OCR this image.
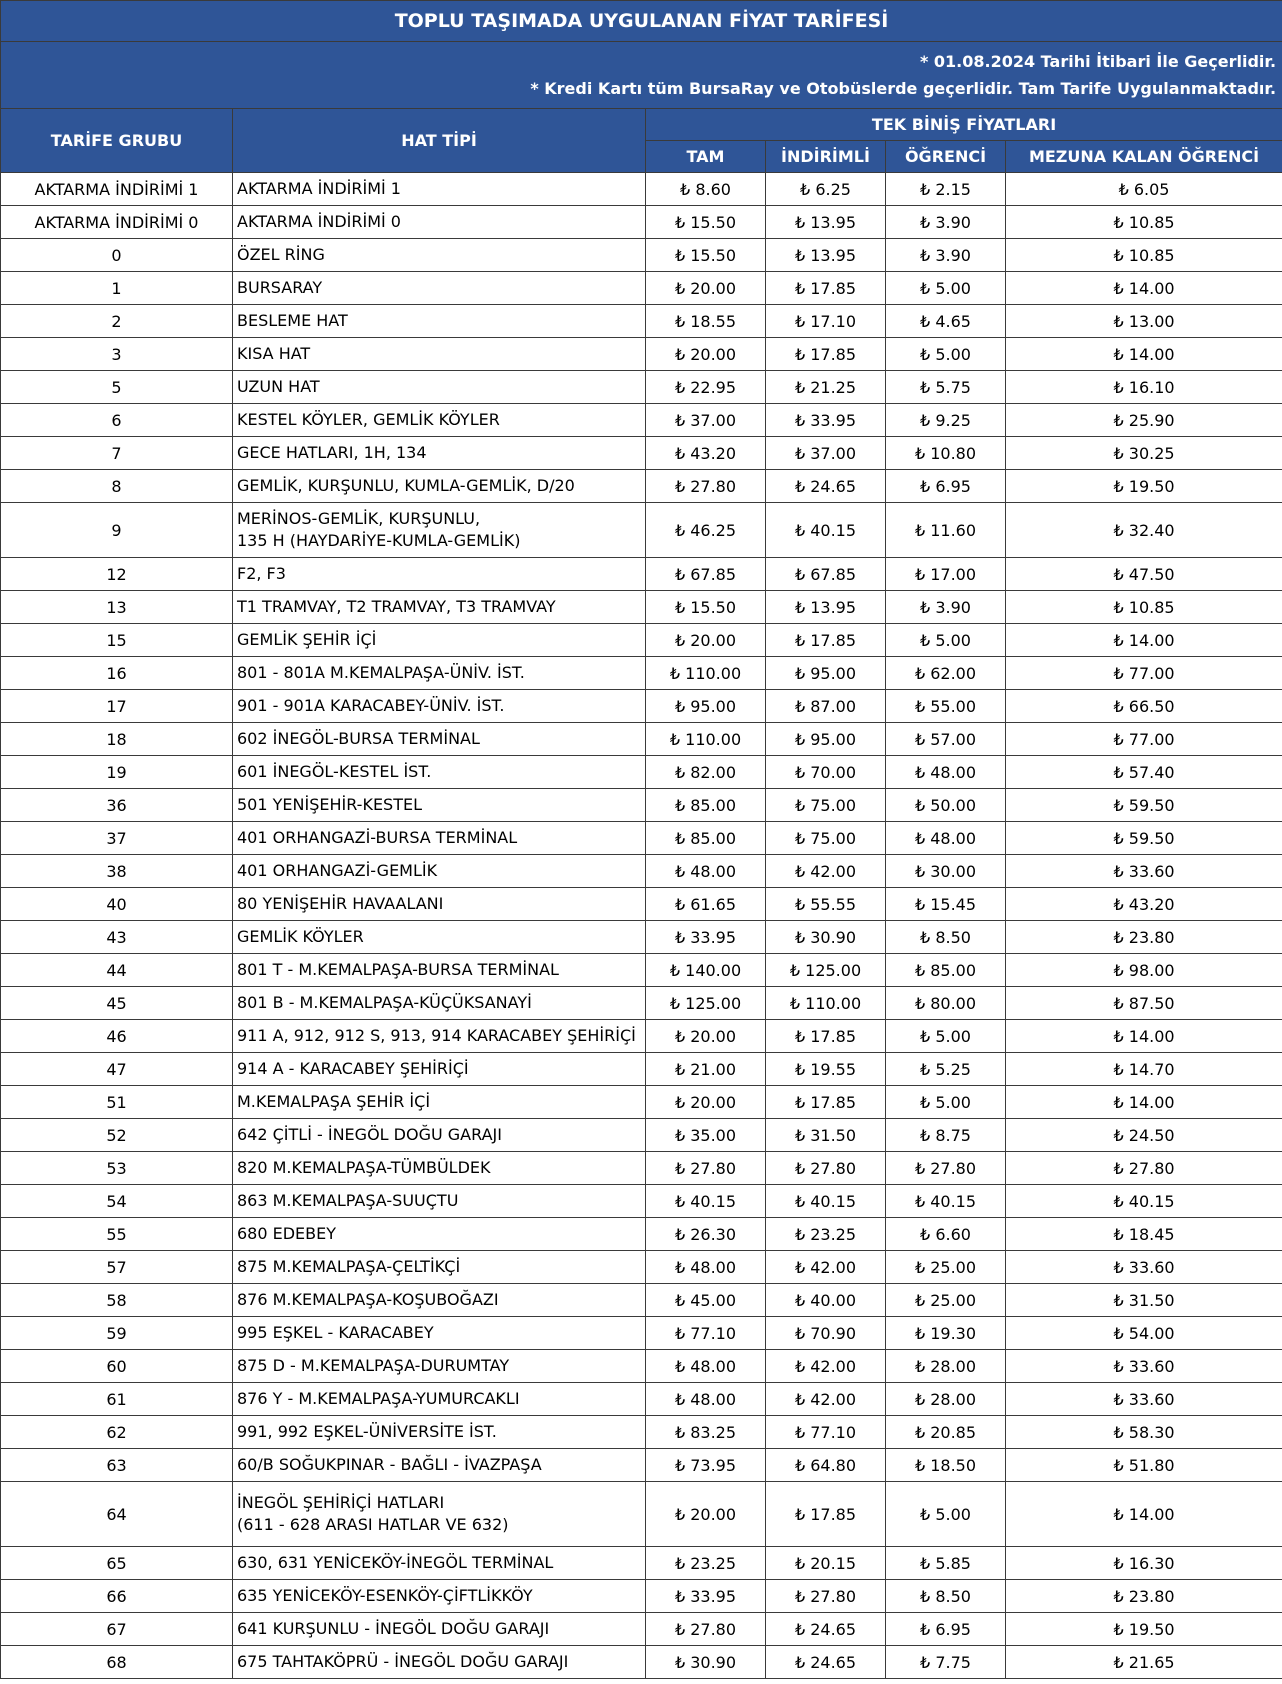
TOPLU TAŞIMADA UYGULANAN FİYAT TARİFESİ					

* 01.08.2024 Tarihi İtibari İle Geçerlidir.
* Kredi Kartı tüm BursaRay ve Otobüslerde geçerlidir. Tam Tarife Uygulanmaktadır.					

TARİFE GRUBU	HAT TİPİ	TEK BİNİŞ FİYATLARI			
		TAM	İNDİRİMLİ	ÖĞRENCİ	MEZUNA KALAN ÖĞRENCİ
AKTARMA İNDİRİMİ 1	AKTARMA İNDİRİMİ 1	₺ 8.60	₺ 6.25	₺ 2.15	₺ 6.05
AKTARMA İNDİRİMİ 0	AKTARMA İNDİRİMİ 0	₺ 15.50	₺ 13.95	₺ 3.90	₺ 10.85
0	ÖZEL RİNG	₺ 15.50	₺ 13.95	₺ 3.90	₺ 10.85
1	BURSARAY	₺ 20.00	₺ 17.85	₺ 5.00	₺ 14.00
2	BESLEME HAT	₺ 18.55	₺ 17.10	₺ 4.65	₺ 13.00
3	KISA HAT	₺ 20.00	₺ 17.85	₺ 5.00	₺ 14.00
5	UZUN HAT	₺ 22.95	₺ 21.25	₺ 5.75	₺ 16.10
6	KESTEL KÖYLER, GEMLİK KÖYLER	₺ 37.00	₺ 33.95	₺ 9.25	₺ 25.90
7	GECE HATLARI, 1H, 134	₺ 43.20	₺ 37.00	₺ 10.80	₺ 30.25
8	GEMLİK, KURŞUNLU, KUMLA-GEMLİK, D/20	₺ 27.80	₺ 24.65	₺ 6.95	₺ 19.50
9	MERİNOS-GEMLİK, KURŞUNLU,
135 H (HAYDARİYE-KUMLA-GEMLİK)	₺ 46.25	₺ 40.15	₺ 11.60	₺ 32.40
12	F2, F3	₺ 67.85	₺ 67.85	₺ 17.00	₺ 47.50
13	T1 TRAMVAY, T2 TRAMVAY, T3 TRAMVAY	₺ 15.50	₺ 13.95	₺ 3.90	₺ 10.85
15	GEMLİK ŞEHİR İÇİ	₺ 20.00	₺ 17.85	₺ 5.00	₺ 14.00
16	801 - 801A M.KEMALPAŞA-ÜNİV. İST.	₺ 110.00	₺ 95.00	₺ 62.00	₺ 77.00
17	901 - 901A KARACABEY-ÜNİV. İST.	₺ 95.00	₺ 87.00	₺ 55.00	₺ 66.50
18	602 İNEGÖL-BURSA TERMİNAL	₺ 110.00	₺ 95.00	₺ 57.00	₺ 77.00
19	601 İNEGÖL-KESTEL İST.	₺ 82.00	₺ 70.00	₺ 48.00	₺ 57.40
36	501 YENİŞEHİR-KESTEL	₺ 85.00	₺ 75.00	₺ 50.00	₺ 59.50
37	401 ORHANGAZİ-BURSA TERMİNAL	₺ 85.00	₺ 75.00	₺ 48.00	₺ 59.50
38	401 ORHANGAZİ-GEMLİK	₺ 48.00	₺ 42.00	₺ 30.00	₺ 33.60
40	80 YENİŞEHİR HAVAALANI	₺ 61.65	₺ 55.55	₺ 15.45	₺ 43.20
43	GEMLİK KÖYLER	₺ 33.95	₺ 30.90	₺ 8.50	₺ 23.80
44	801 T - M.KEMALPAŞA-BURSA TERMİNAL	₺ 140.00	₺ 125.00	₺ 85.00	₺ 98.00
45	801 B - M.KEMALPAŞA-KÜÇÜKSANAYİ	₺ 125.00	₺ 110.00	₺ 80.00	₺ 87.50
46	911 A, 912, 912 S, 913, 914 KARACABEY ŞEHİRİÇİ	₺ 20.00	₺ 17.85	₺ 5.00	₺ 14.00
47	914 A - KARACABEY ŞEHİRİÇİ	₺ 21.00	₺ 19.55	₺ 5.25	₺ 14.70
51	M.KEMALPAŞA ŞEHİR İÇİ	₺ 20.00	₺ 17.85	₺ 5.00	₺ 14.00
52	642 ÇİTLİ - İNEGÖL DOĞU GARAJI	₺ 35.00	₺ 31.50	₺ 8.75	₺ 24.50
53	820 M.KEMALPAŞA-TÜMBÜLDEK	₺ 27.80	₺ 27.80	₺ 27.80	₺ 27.80
54	863 M.KEMALPAŞA-SUUÇTU	₺ 40.15	₺ 40.15	₺ 40.15	₺ 40.15
55	680 EDEBEY	₺ 26.30	₺ 23.25	₺ 6.60	₺ 18.45
57	875 M.KEMALPAŞA-ÇELTİKÇİ	₺ 48.00	₺ 42.00	₺ 25.00	₺ 33.60
58	876 M.KEMALPAŞA-KOŞUBOĞAZI	₺ 45.00	₺ 40.00	₺ 25.00	₺ 31.50
59	995 EŞKEL - KARACABEY	₺ 77.10	₺ 70.90	₺ 19.30	₺ 54.00
60	875 D - M.KEMALPAŞA-DURUMTAY	₺ 48.00	₺ 42.00	₺ 28.00	₺ 33.60
61	876 Y - M.KEMALPAŞA-YUMURCAKLI	₺ 48.00	₺ 42.00	₺ 28.00	₺ 33.60
62	991, 992 EŞKEL-ÜNİVERSİTE İST.	₺ 83.25	₺ 77.10	₺ 20.85	₺ 58.30
63	60/B SOĞUKPINAR - BAĞLI - İVAZPAŞA	₺ 73.95	₺ 64.80	₺ 18.50	₺ 51.80
64	İNEGÖL ŞEHİRİÇİ HATLARI
(611 - 628 ARASI HATLAR VE 632)	₺ 20.00	₺ 17.85	₺ 5.00	₺ 14.00
65	630, 631 YENİCEKÖY-İNEGÖL TERMİNAL	₺ 23.25	₺ 20.15	₺ 5.85	₺ 16.30
66	635 YENİCEKÖY-ESENKÖY-ÇİFTLİKKÖY	₺ 33.95	₺ 27.80	₺ 8.50	₺ 23.80
67	641 KURŞUNLU - İNEGÖL DOĞU GARAJI	₺ 27.80	₺ 24.65	₺ 6.95	₺ 19.50
68	675 TAHTAKÖPRÜ - İNEGÖL DOĞU GARAJI	₺ 30.90	₺ 24.65	₺ 7.75	₺ 21.65
